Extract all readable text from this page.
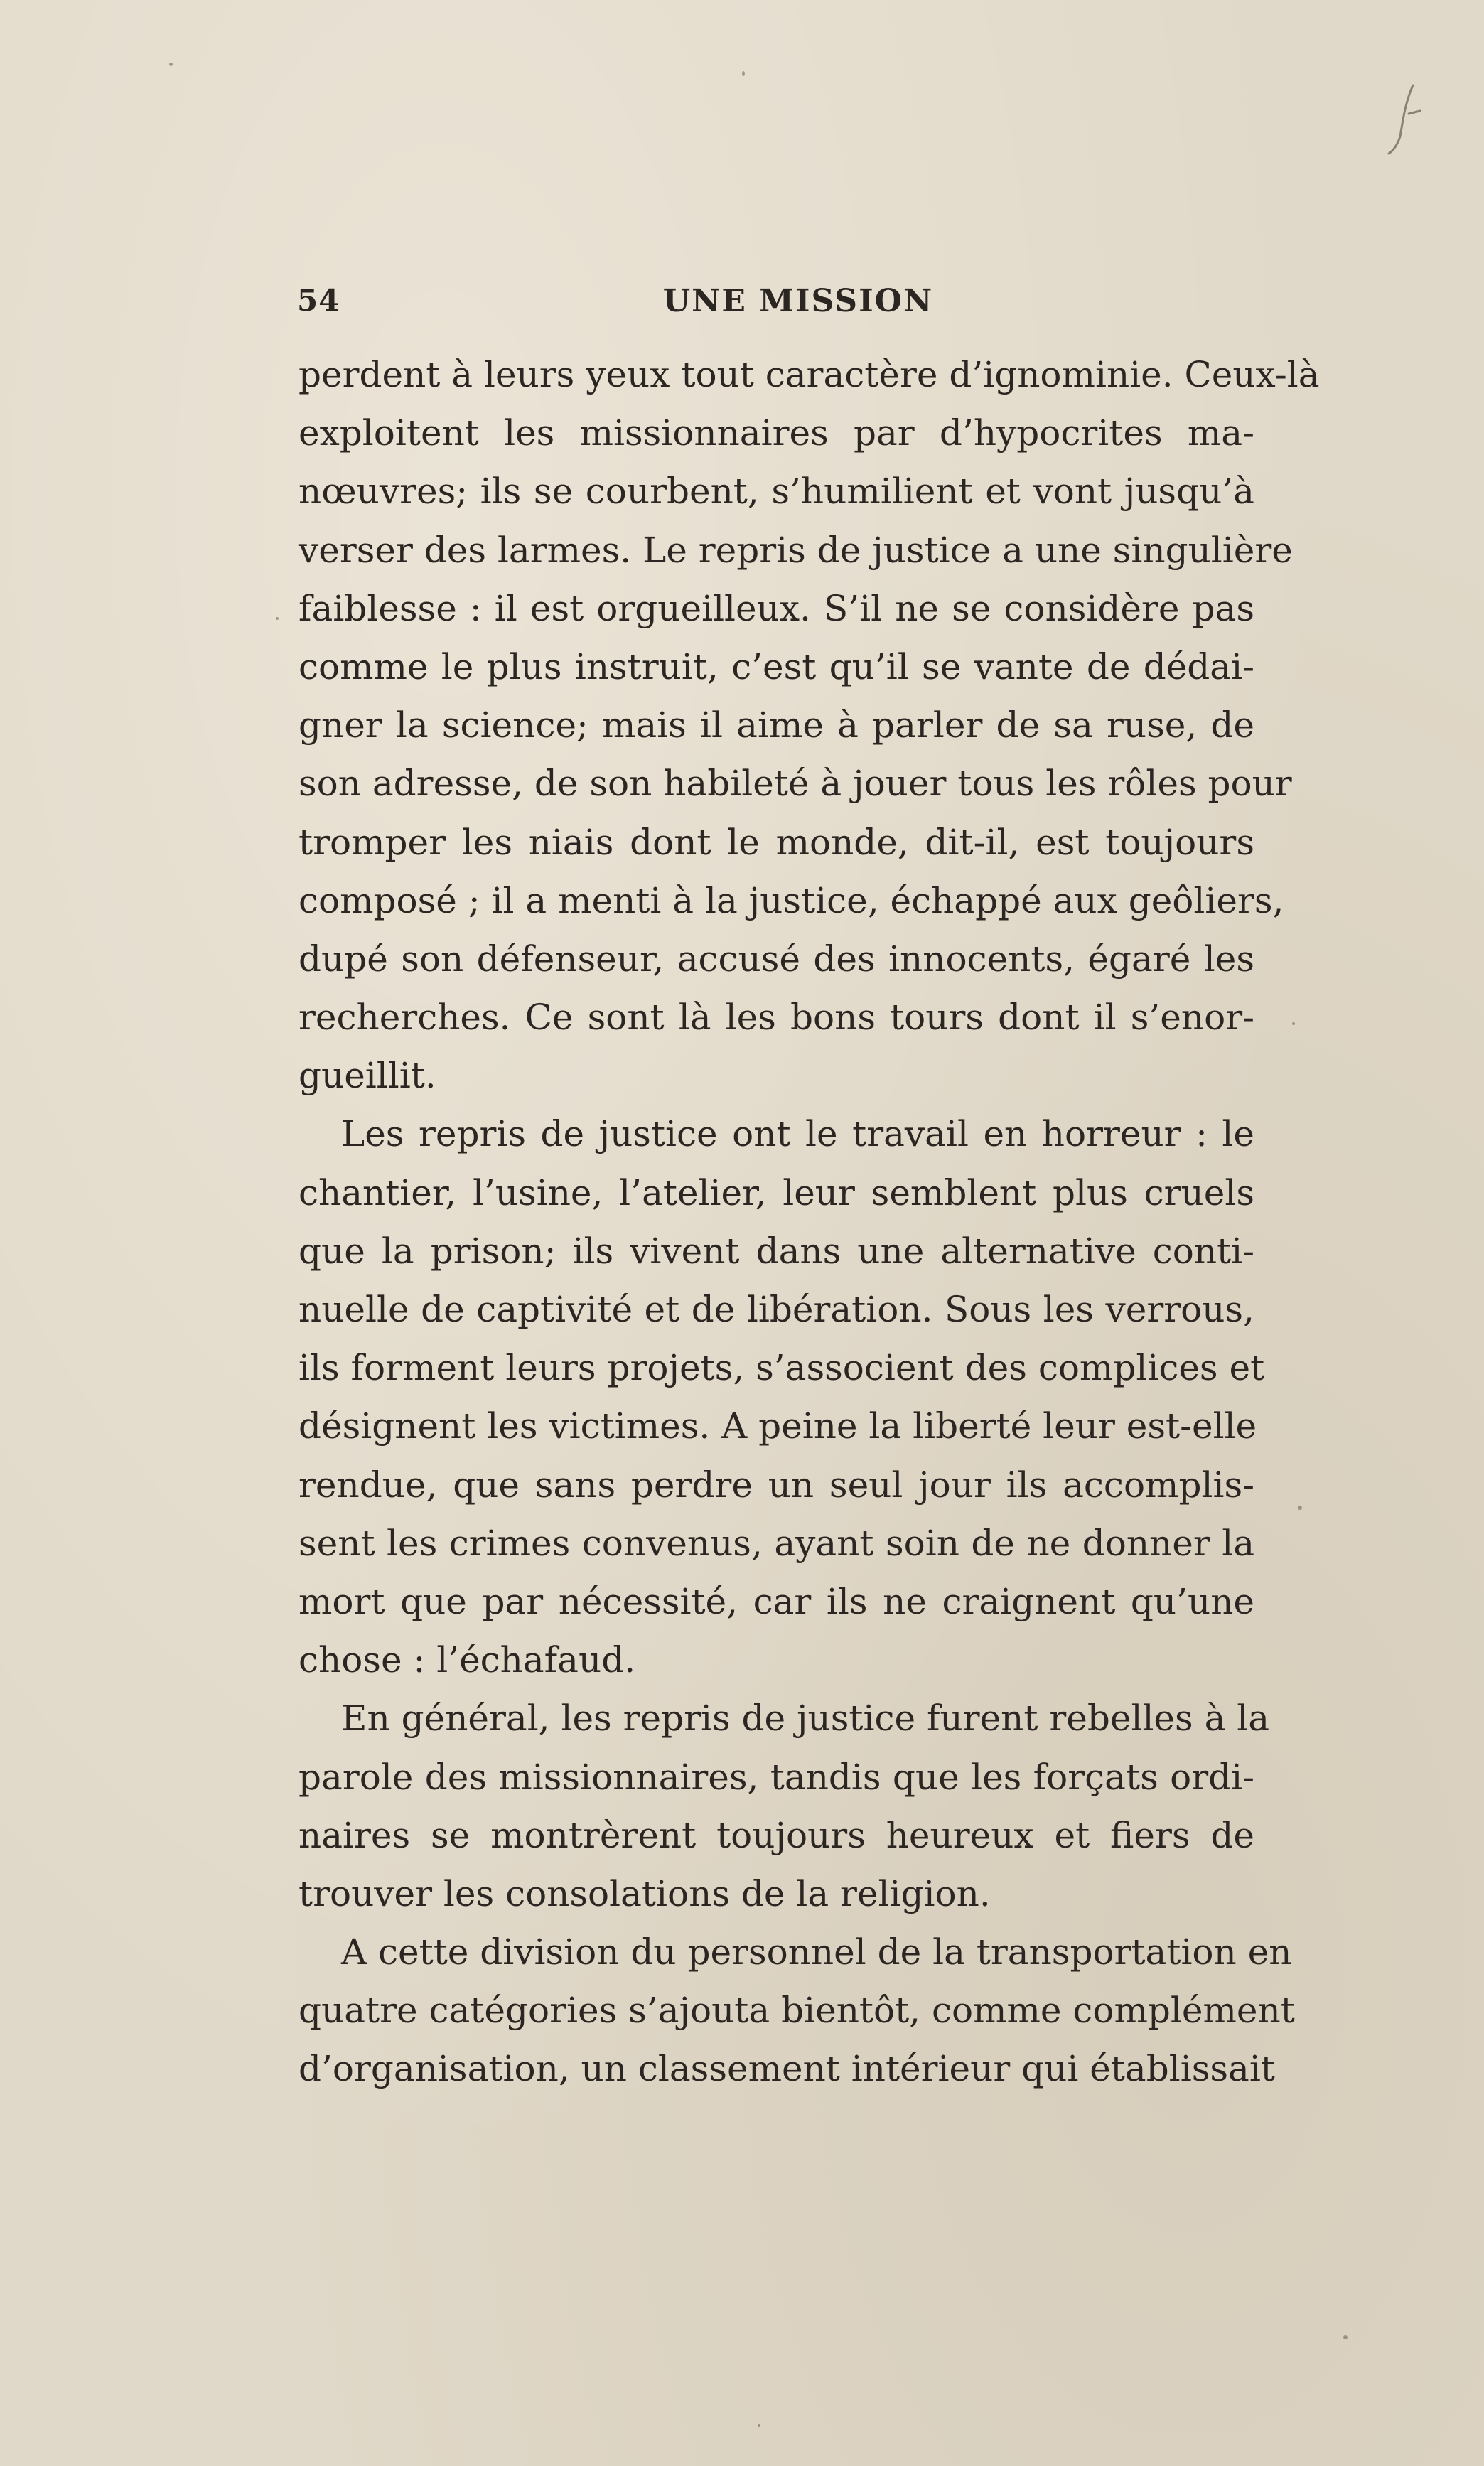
54	UNE MISSION
perdent à leurs yeux tout caractère d’ignominie. Ceux-là
exploitent les missionnaires par d’hypocrites ma-
nœuvres; ils se courbent, s’humilient et vont jusqu’à
verser des larmes. Le repris de justice a une singulière
faiblesse : il est orgueilleux. S’il ne se considère pas
comme le plus instruit, c’est qu’il se vante de dédai-
gner la science; mais il aime à parler de sa ruse, de
son adresse, de son habileté à jouer tous les rôles pour
tromper les niais dont le monde, dit-il, est toujours
composé ; il a menti à la justice, échappé aux geôliers,
dupé son défenseur, accusé des innocents, égaré les
recherches. Ce sont là les bons tours dont il s’enor-
gueillit.
Les repris de justice ont le travail en horreur : le
chantier, l’usine, l’atelier, leur semblent plus cruels
que la prison; ils vivent dans une alternative conti-
nuelle de captivité et de libération. Sous les verrous,
ils forment leurs projets, s’associent des complices et
désignent les victimes. A peine la liberté leur est-elle
rendue, que sans perdre un seul jour ils accomplis-
sent les crimes convenus, ayant soin de ne donner la
mort que par nécessité, car ils ne craignent qu’une
chose : l’échafaud.
En général, les repris de justice furent rebelles à la
parole des missionnaires, tandis que les forçats ordi-
naires se montrèrent toujours heureux et fiers de
trouver les consolations de la religion.
A cette division du personnel de la transportation en
quatre catégories s’ajouta bientôt, comme complément
d’organisation, un classement intérieur qui établissait
